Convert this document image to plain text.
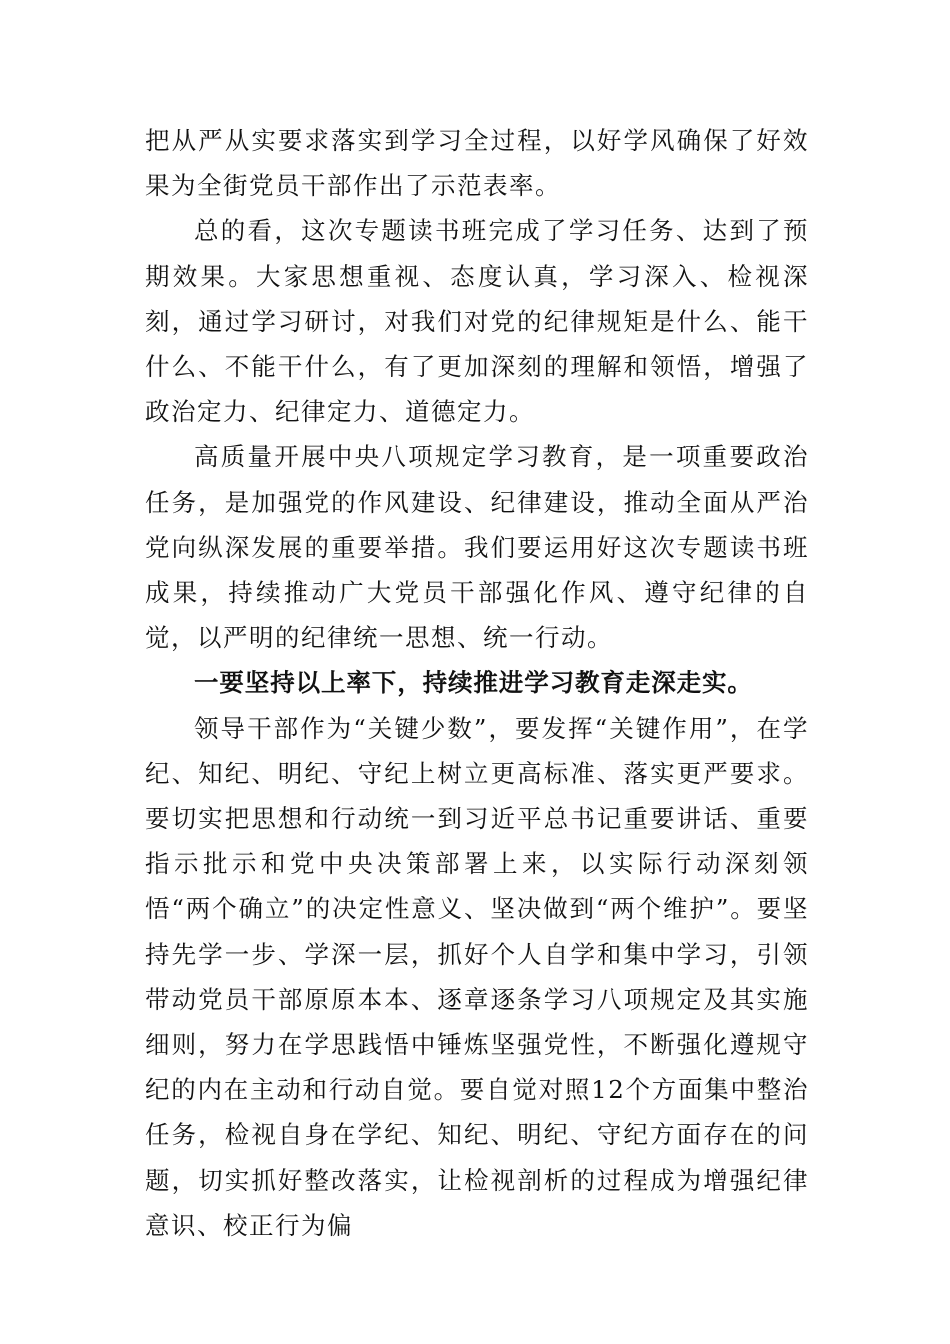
把从严从实要求落实到学习全过程，以好学风确保了好效果为全街党员干部作出了示范表率。

总的看，这次专题读书班完成了学习任务、达到了预期效果。大家思想重视、态度认真，学习深入、检视深刻，通过学习研讨，对我们对党的纪律规矩是什么、能干什么、不能干什么，有了更加深刻的理解和领悟，增强了政治定力、纪律定力、道德定力。

高质量开展中央八项规定学习教育，是一项重要政治任务，是加强党的作风建设、纪律建设，推动全面从严治党向纵深发展的重要举措。我们要运用好这次专题读书班成果，持续推动广大党员干部强化作风、遵守纪律的自觉，以严明的纪律统一思想、统一行动。

一要坚持以上率下，持续推进学习教育走深走实。

领导干部作为“关键少数”，要发挥“关键作用”，在学纪、知纪、明纪、守纪上树立更高标准、落实更严要求。要切实把思想和行动统一到习近平总书记重要讲话、重要指示批示和党中央决策部署上来，以实际行动深刻领悟“两个确立”的决定性意义、坚决做到“两个维护”。要坚持先学一步、学深一层，抓好个人自学和集中学习，引领带动党员干部原原本本、逐章逐条学习八项规定及其实施细则，努力在学思践悟中锤炼坚强党性，不断强化遵规守纪的内在主动和行动自觉。要自觉对照12个方面集中整治任务，检视自身在学纪、知纪、明纪、守纪方面存在的问题，切实抓好整改落实，让检视剖析的过程成为增强纪律意识、校正行为偏
